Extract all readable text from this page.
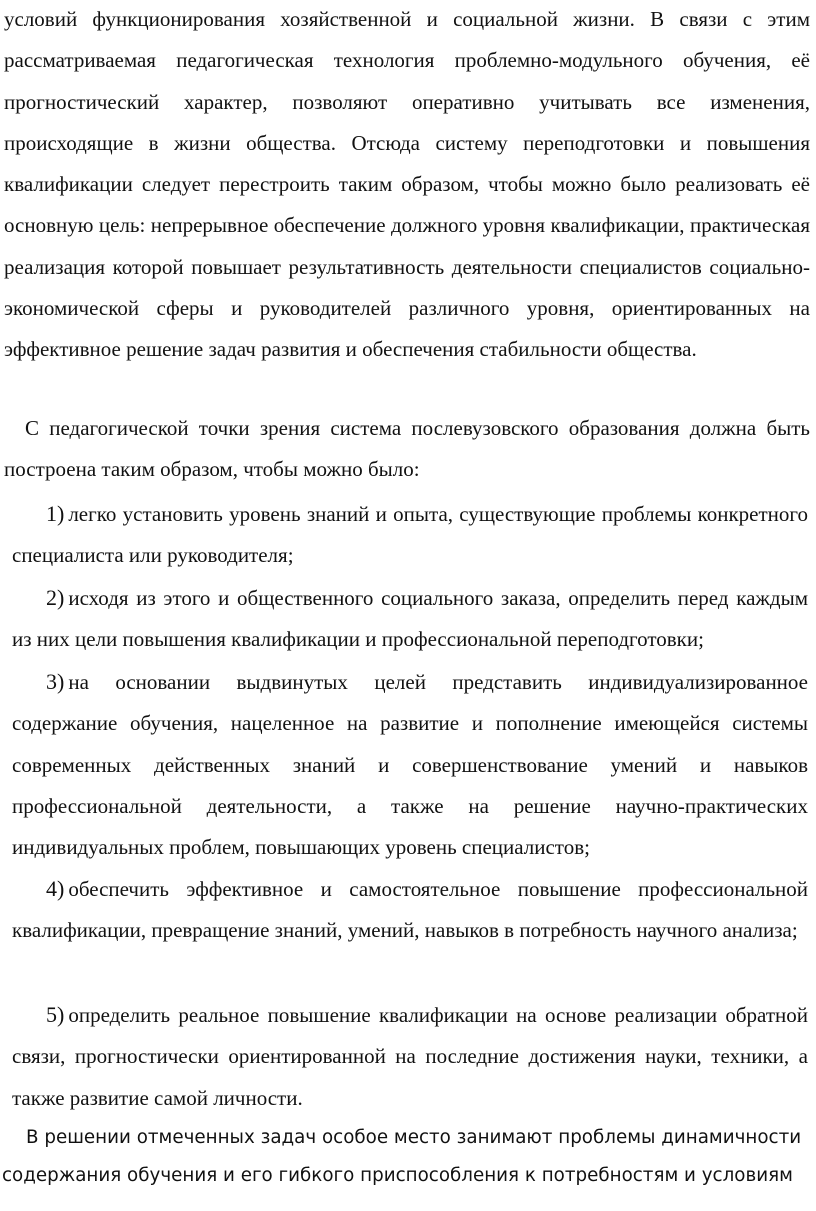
условий функционирования хозяйственной и социальной жизни. В связи с этим рассматриваемая педагогическая технология проблемно-модульного обучения, её прогностический характер, позволяют оперативно учитывать все изменения, происходящие в жизни общества. Отсюда систему переподготовки и повышения квалификации следует перестроить таким образом, чтобы можно было реализовать её основную цель: непрерывное обеспечение должного уровня квалификации, практическая реализация которой повышает результативность деятельности специалистов социально-экономической сферы и руководителей различного уровня, ориентированных на эффективное решение задач развития и обеспечения стабильности общества.

С педагогической точки зрения система послевузовского образования должна быть построена таким образом, чтобы можно было:

1) легко установить уровень знаний и опыта, существующие проблемы конкретного специалиста или руководителя;

2) исходя из этого и общественного социального заказа, определить перед каждым из них цели повышения квалификации и профессиональной переподготовки;

3) на основании выдвинутых целей представить индивидуализированное содержание обучения, нацеленное на развитие и пополнение имеющейся системы современных действенных знаний и совершенствование умений и навыков профессиональной деятельности, а также на решение научно-практических индивидуальных проблем, повышающих уровень специалистов;

4) обеспечить эффективное и самостоятельное повышение профессиональной квалификации, превращение знаний, умений, навыков в потребность научного анализа;

5) определить реальное повышение квалификации на основе реализации обратной связи, прогностически ориентированной на последние достижения науки, техники, а также развитие самой личности.

В решении отмеченных задач особое место занимают проблемы динамичности содержания обучения и его гибкого приспособления к потребностям и условиям
